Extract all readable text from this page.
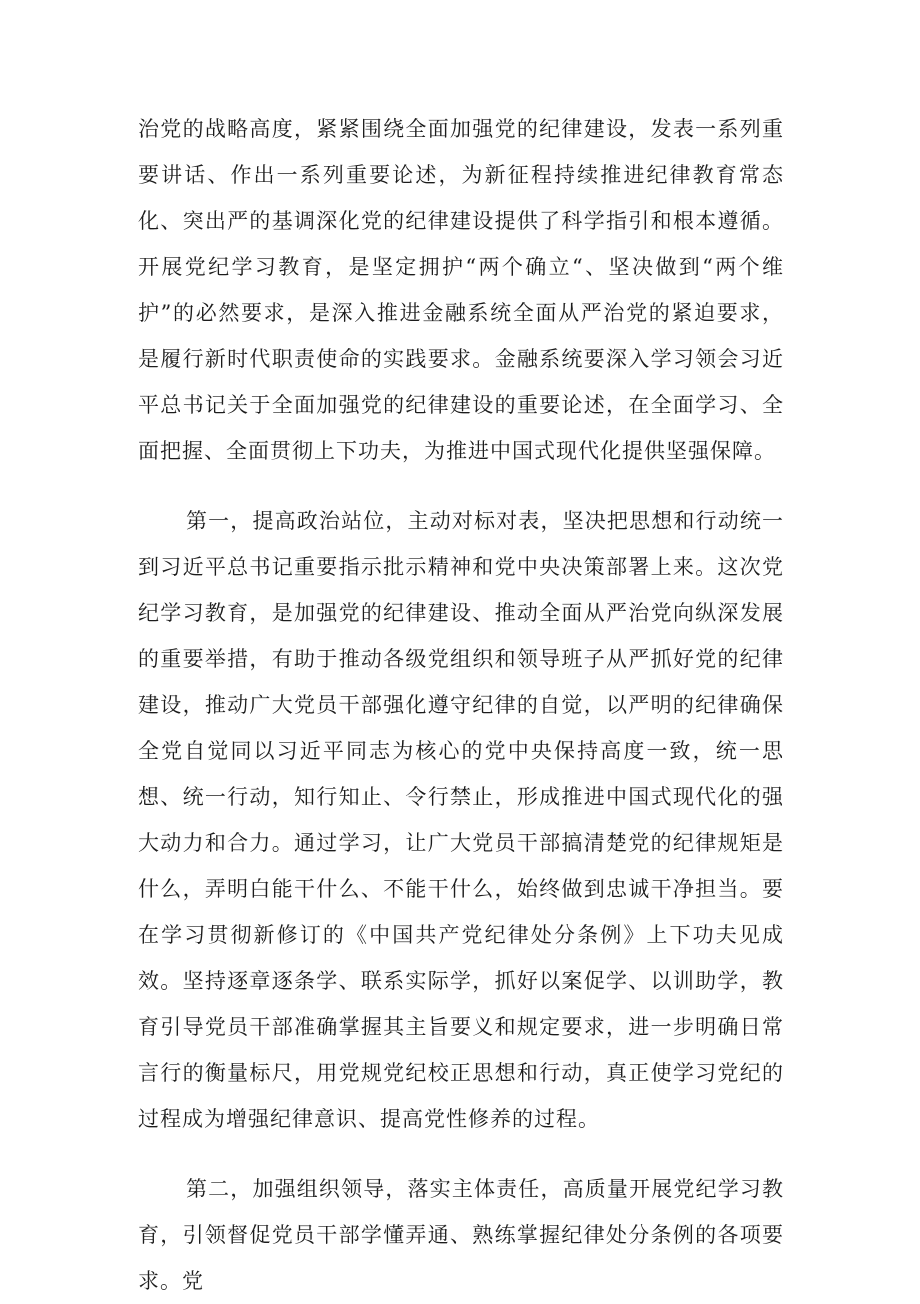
治党的战略高度，紧紧围绕全面加强党的纪律建设，发表一系列重要讲话、作出一系列重要论述，为新征程持续推进纪律教育常态化、突出严的基调深化党的纪律建设提供了科学指引和根本遵循。开展党纪学习教育，是坚定拥护“两个确立“、坚决做到“两个维护”的必然要求，是深入推进金融系统全面从严治党的紧迫要求，是履行新时代职责使命的实践要求。金融系统要深入学习领会习近平总书记关于全面加强党的纪律建设的重要论述，在全面学习、全面把握、全面贯彻上下功夫，为推进中国式现代化提供坚强保障。

第一，提高政治站位，主动对标对表，坚决把思想和行动统一到习近平总书记重要指示批示精神和党中央决策部署上来。这次党纪学习教育，是加强党的纪律建设、推动全面从严治党向纵深发展的重要举措，有助于推动各级党组织和领导班子从严抓好党的纪律建设，推动广大党员干部强化遵守纪律的自觉，以严明的纪律确保全党自觉同以习近平同志为核心的党中央保持高度一致，统一思想、统一行动，知行知止、令行禁止，形成推进中国式现代化的强大动力和合力。通过学习，让广大党员干部搞清楚党的纪律规矩是什么，弄明白能干什么、不能干什么，始终做到忠诚干净担当。要在学习贯彻新修订的《中国共产党纪律处分条例》上下功夫见成效。坚持逐章逐条学、联系实际学，抓好以案促学、以训助学，教育引导党员干部准确掌握其主旨要义和规定要求，进一步明确日常言行的衡量标尺，用党规党纪校正思想和行动，真正使学习党纪的过程成为增强纪律意识、提高党性修养的过程。

第二，加强组织领导，落实主体责任，高质量开展党纪学习教育，引领督促党员干部学懂弄通、熟练掌握纪律处分条例的各项要求。党
